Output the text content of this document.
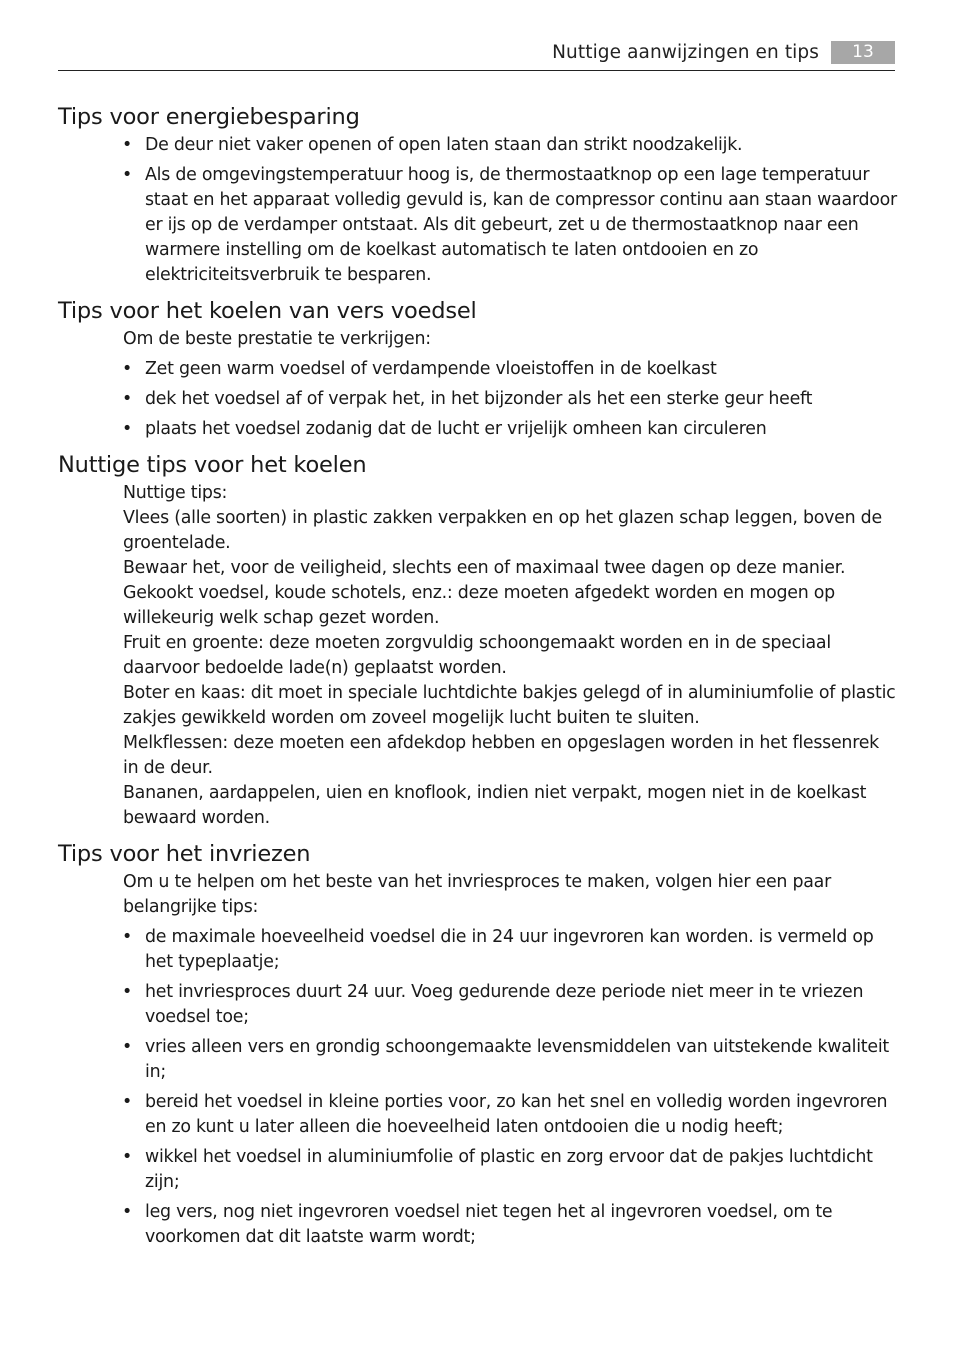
Nuttige aanwijzingen en tips	13
Tips voor energiebesparing
• De deur niet vaker openen of open laten staan dan strikt noodzakelijk.
• Als de omgevingstemperatuur hoog is, de thermostaatknop op een lage temperatuur staat en het apparaat volledig gevuld is, kan de compressor continu aan staan waardoor er ijs op de verdamper ontstaat. Als dit gebeurt, zet u de thermostaatknop naar een warmere instelling om de koelkast automatisch te laten ontdooien en zo elektriciteitsverbruik te besparen.
Tips voor het koelen van vers voedsel
Om de beste prestatie te verkrijgen:
• Zet geen warm voedsel of verdampende vloeistoffen in de koelkast
• dek het voedsel af of verpak het, in het bijzonder als het een sterke geur heeft
• plaats het voedsel zodanig dat de lucht er vrijelijk omheen kan circuleren
Nuttige tips voor het koelen
Nuttige tips:
Vlees (alle soorten) in plastic zakken verpakken en op het glazen schap leggen, boven de groentelade.
Bewaar het, voor de veiligheid, slechts een of maximaal twee dagen op deze manier.
Gekookt voedsel, koude schotels, enz.: deze moeten afgedekt worden en mogen op willekeurig welk schap gezet worden.
Fruit en groente: deze moeten zorgvuldig schoongemaakt worden en in de speciaal daarvoor bedoelde lade(n) geplaatst worden.
Boter en kaas: dit moet in speciale luchtdichte bakjes gelegd of in aluminiumfolie of plastic zakjes gewikkeld worden om zoveel mogelijk lucht buiten te sluiten.
Melkflessen: deze moeten een afdekdop hebben en opgeslagen worden in het flessenrek in de deur.
Bananen, aardappelen, uien en knoflook, indien niet verpakt, mogen niet in de koelkast bewaard worden.
Tips voor het invriezen
Om u te helpen om het beste van het invriesproces te maken, volgen hier een paar belangrijke tips:
• de maximale hoeveelheid voedsel die in 24 uur ingevroren kan worden. is vermeld op het typeplaatje;
• het invriesproces duurt 24 uur. Voeg gedurende deze periode niet meer in te vriezen voedsel toe;
• vries alleen vers en grondig schoongemaakte levensmiddelen van uitstekende kwaliteit in;
• bereid het voedsel in kleine porties voor, zo kan het snel en volledig worden ingevroren en zo kunt u later alleen die hoeveelheid laten ontdooien die u nodig heeft;
• wikkel het voedsel in aluminiumfolie of plastic en zorg ervoor dat de pakjes luchtdicht zijn;
• leg vers, nog niet ingevroren voedsel niet tegen het al ingevroren voedsel, om te voorkomen dat dit laatste warm wordt;
